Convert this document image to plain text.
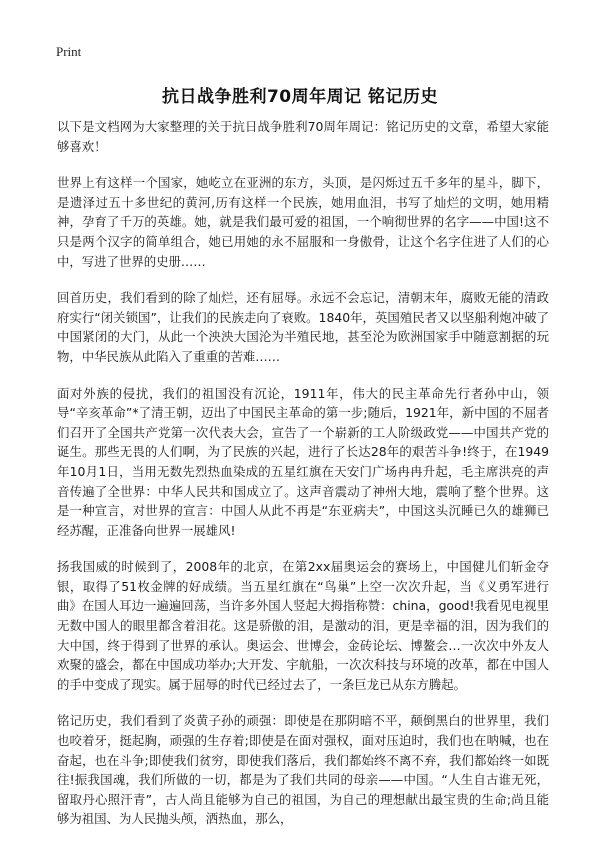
Print
抗日战争胜利70周年周记 铭记历史

以下是文档网为大家整理的关于抗日战争胜利70周年周记：铭记历史的文章，希望大家能够喜欢！

世界上有这样一个国家，她屹立在亚洲的东方，头顶，是闪烁过五千多年的星斗，脚下，是遗泽过五十多世纪的黄河,历有这样一个民族，她用血泪，书写了灿烂的文明，她用精神，孕育了千万的英雄。她，就是我们最可爱的祖国，一个响彻世界的名字——中国!这不只是两个汉字的简单组合，她已用她的永不屈服和一身傲骨，让这个名字住进了人们的心中，写进了世界的史册……

回首历史，我们看到的除了灿烂，还有屈辱。永远不会忘记，清朝末年，腐败无能的清政府实行“闭关锁国”，让我们的民族走向了衰败。1840年，英国殖民者又以坚船利炮冲破了中国紧闭的大门，从此一个泱泱大国沦为半殖民地，甚至沦为欧洲国家手中随意割据的玩物，中华民族从此陷入了重重的苦难……

面对外族的侵扰，我们的祖国没有沉论，1911年，伟大的民主革命先行者孙中山，领导“辛亥革命”*了清王朝，迈出了中国民主革命的第一步;随后，1921年，新中国的不屈者们召开了全国共产党第一次代表大会，宣告了一个崭新的工人阶级政党——中国共产党的诞生。那些无畏的人们啊，为了民族的兴起，进行了长达28年的艰苦斗争!终于，在1949年10月1日，当用无数先烈热血染成的五星红旗在天安门广场冉冉升起，毛主席洪亮的声音传遍了全世界：中华人民共和国成立了。这声音震动了神州大地，震响了整个世界。这是一种宣言，对世界的宣言：中国人从此不再是“东亚病夫”，中国这头沉睡已久的雄狮已经苏醒，正准备向世界一展雄风!

扬我国威的时候到了，2008年的北京，在第2xx届奥运会的赛场上，中国健儿们斩金夺银，取得了51枚金牌的好成绩。当五星红旗在“鸟巢”上空一次次升起，当《义勇军进行曲》在国人耳边一遍遍回荡，当许多外国人竖起大拇指称赞：china，good!我看见电视里无数中国人的眼里都含着泪花。这是骄傲的泪，是激动的泪，更是幸福的泪，因为我们的大中国，终于得到了世界的承认。奥运会、世博会，金砖论坛、博鳌会…一次次中外友人欢聚的盛会，都在中国成功举办;大开发、宇航船，一次次科技与环境的改革，都在中国人的手中变成了现实。属于屈辱的时代已经过去了，一条巨龙已从东方腾起。

铭记历史，我们看到了炎黄子孙的顽强：即使是在那阴暗不平，颠倒黑白的世界里，我们也咬着牙，挺起胸，顽强的生存着;即使是在面对强权，面对压迫时，我们也在呐喊，也在奋起，也在斗争;即使我们贫穷，即使我们落后，我们都始终不离不弃，我们都始终一如既往!振我国魂，我们所做的一切，都是为了我们共同的母亲——中国。“人生自古谁无死，留取丹心照汗青”，古人尚且能够为自己的祖国，为自己的理想献出最宝贵的生命;尚且能够为祖国、为人民抛头颅，洒热血，那么，
